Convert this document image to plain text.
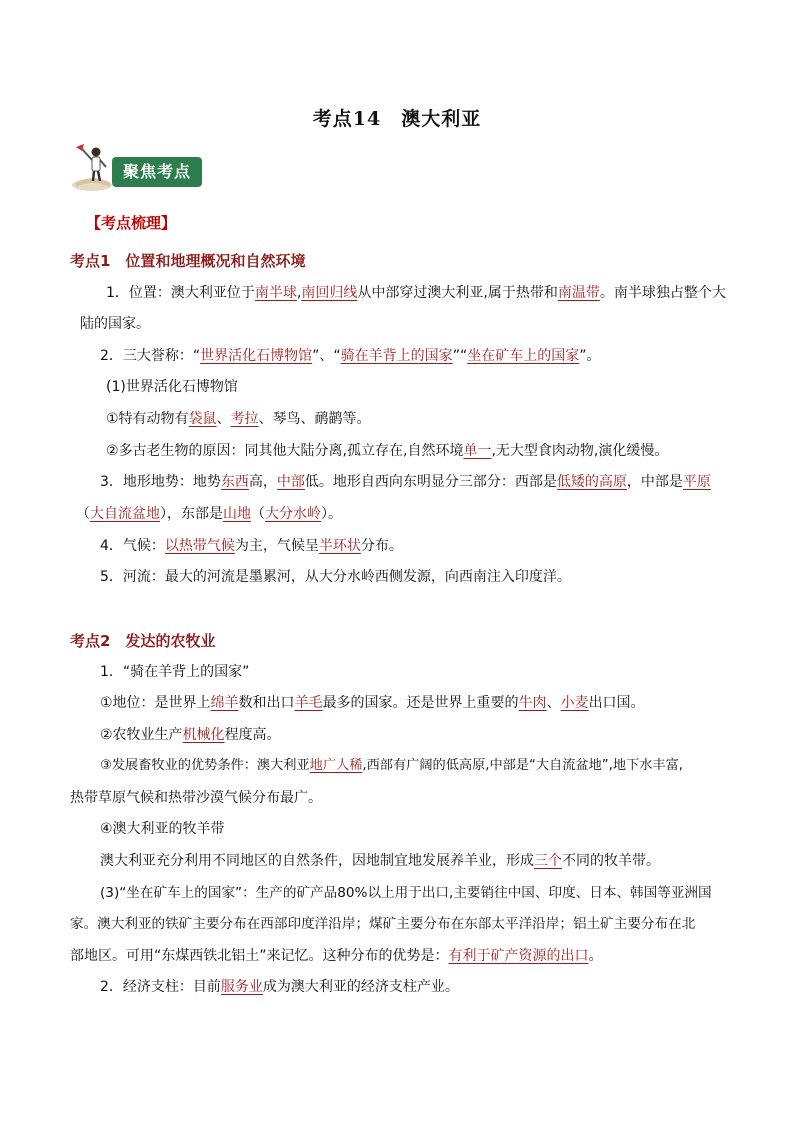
考点14　澳大利亚
聚焦考点
【考点梳理】
考点1　位置和地理概况和自然环境
1．位置：澳大利亚位于南半球,南回归线从中部穿过澳大利亚,属于热带和南温带。南半球独占整个大
陆的国家。
2．三大誉称：“世界活化石博物馆”、“骑在羊背上的国家”“坐在矿车上的国家”。
(1)世界活化石博物馆
①特有动物有袋鼠、考拉、琴鸟、鸸鹋等。
②多古老生物的原因：同其他大陆分离,孤立存在,自然环境单一,无大型食肉动物,演化缓慢。
3．地形地势：地势东西高，中部低。地形自西向东明显分三部分：西部是低矮的高原，中部是平原
（大自流盆地），东部是山地（大分水岭）。
4．气候：以热带气候为主，气候呈半环状分布。
5．河流：最大的河流是墨累河，从大分水岭西侧发源，向西南注入印度洋。
考点2　发达的农牧业
1．“骑在羊背上的国家”
①地位：是世界上绵羊数和出口羊毛最多的国家。还是世界上重要的牛肉、小麦出口国。
②农牧业生产机械化程度高。
③发展畜牧业的优势条件：澳大利亚地广人稀,西部有广阔的低高原,中部是“大自流盆地”,地下水丰富,
热带草原气候和热带沙漠气候分布最广。
④澳大利亚的牧羊带
澳大利亚充分利用不同地区的自然条件，因地制宜地发展养羊业，形成三个不同的牧羊带。
(3)“坐在矿车上的国家”：生产的矿产品80%以上用于出口,主要销往中国、印度、日本、韩国等亚洲国
家。澳大利亚的铁矿主要分布在西部印度洋沿岸；煤矿主要分布在东部太平洋沿岸；铝土矿主要分布在北
部地区。可用“东煤西铁北铝土”来记忆。这种分布的优势是：有利于矿产资源的出口。
2．经济支柱：目前服务业成为澳大利亚的经济支柱产业。
